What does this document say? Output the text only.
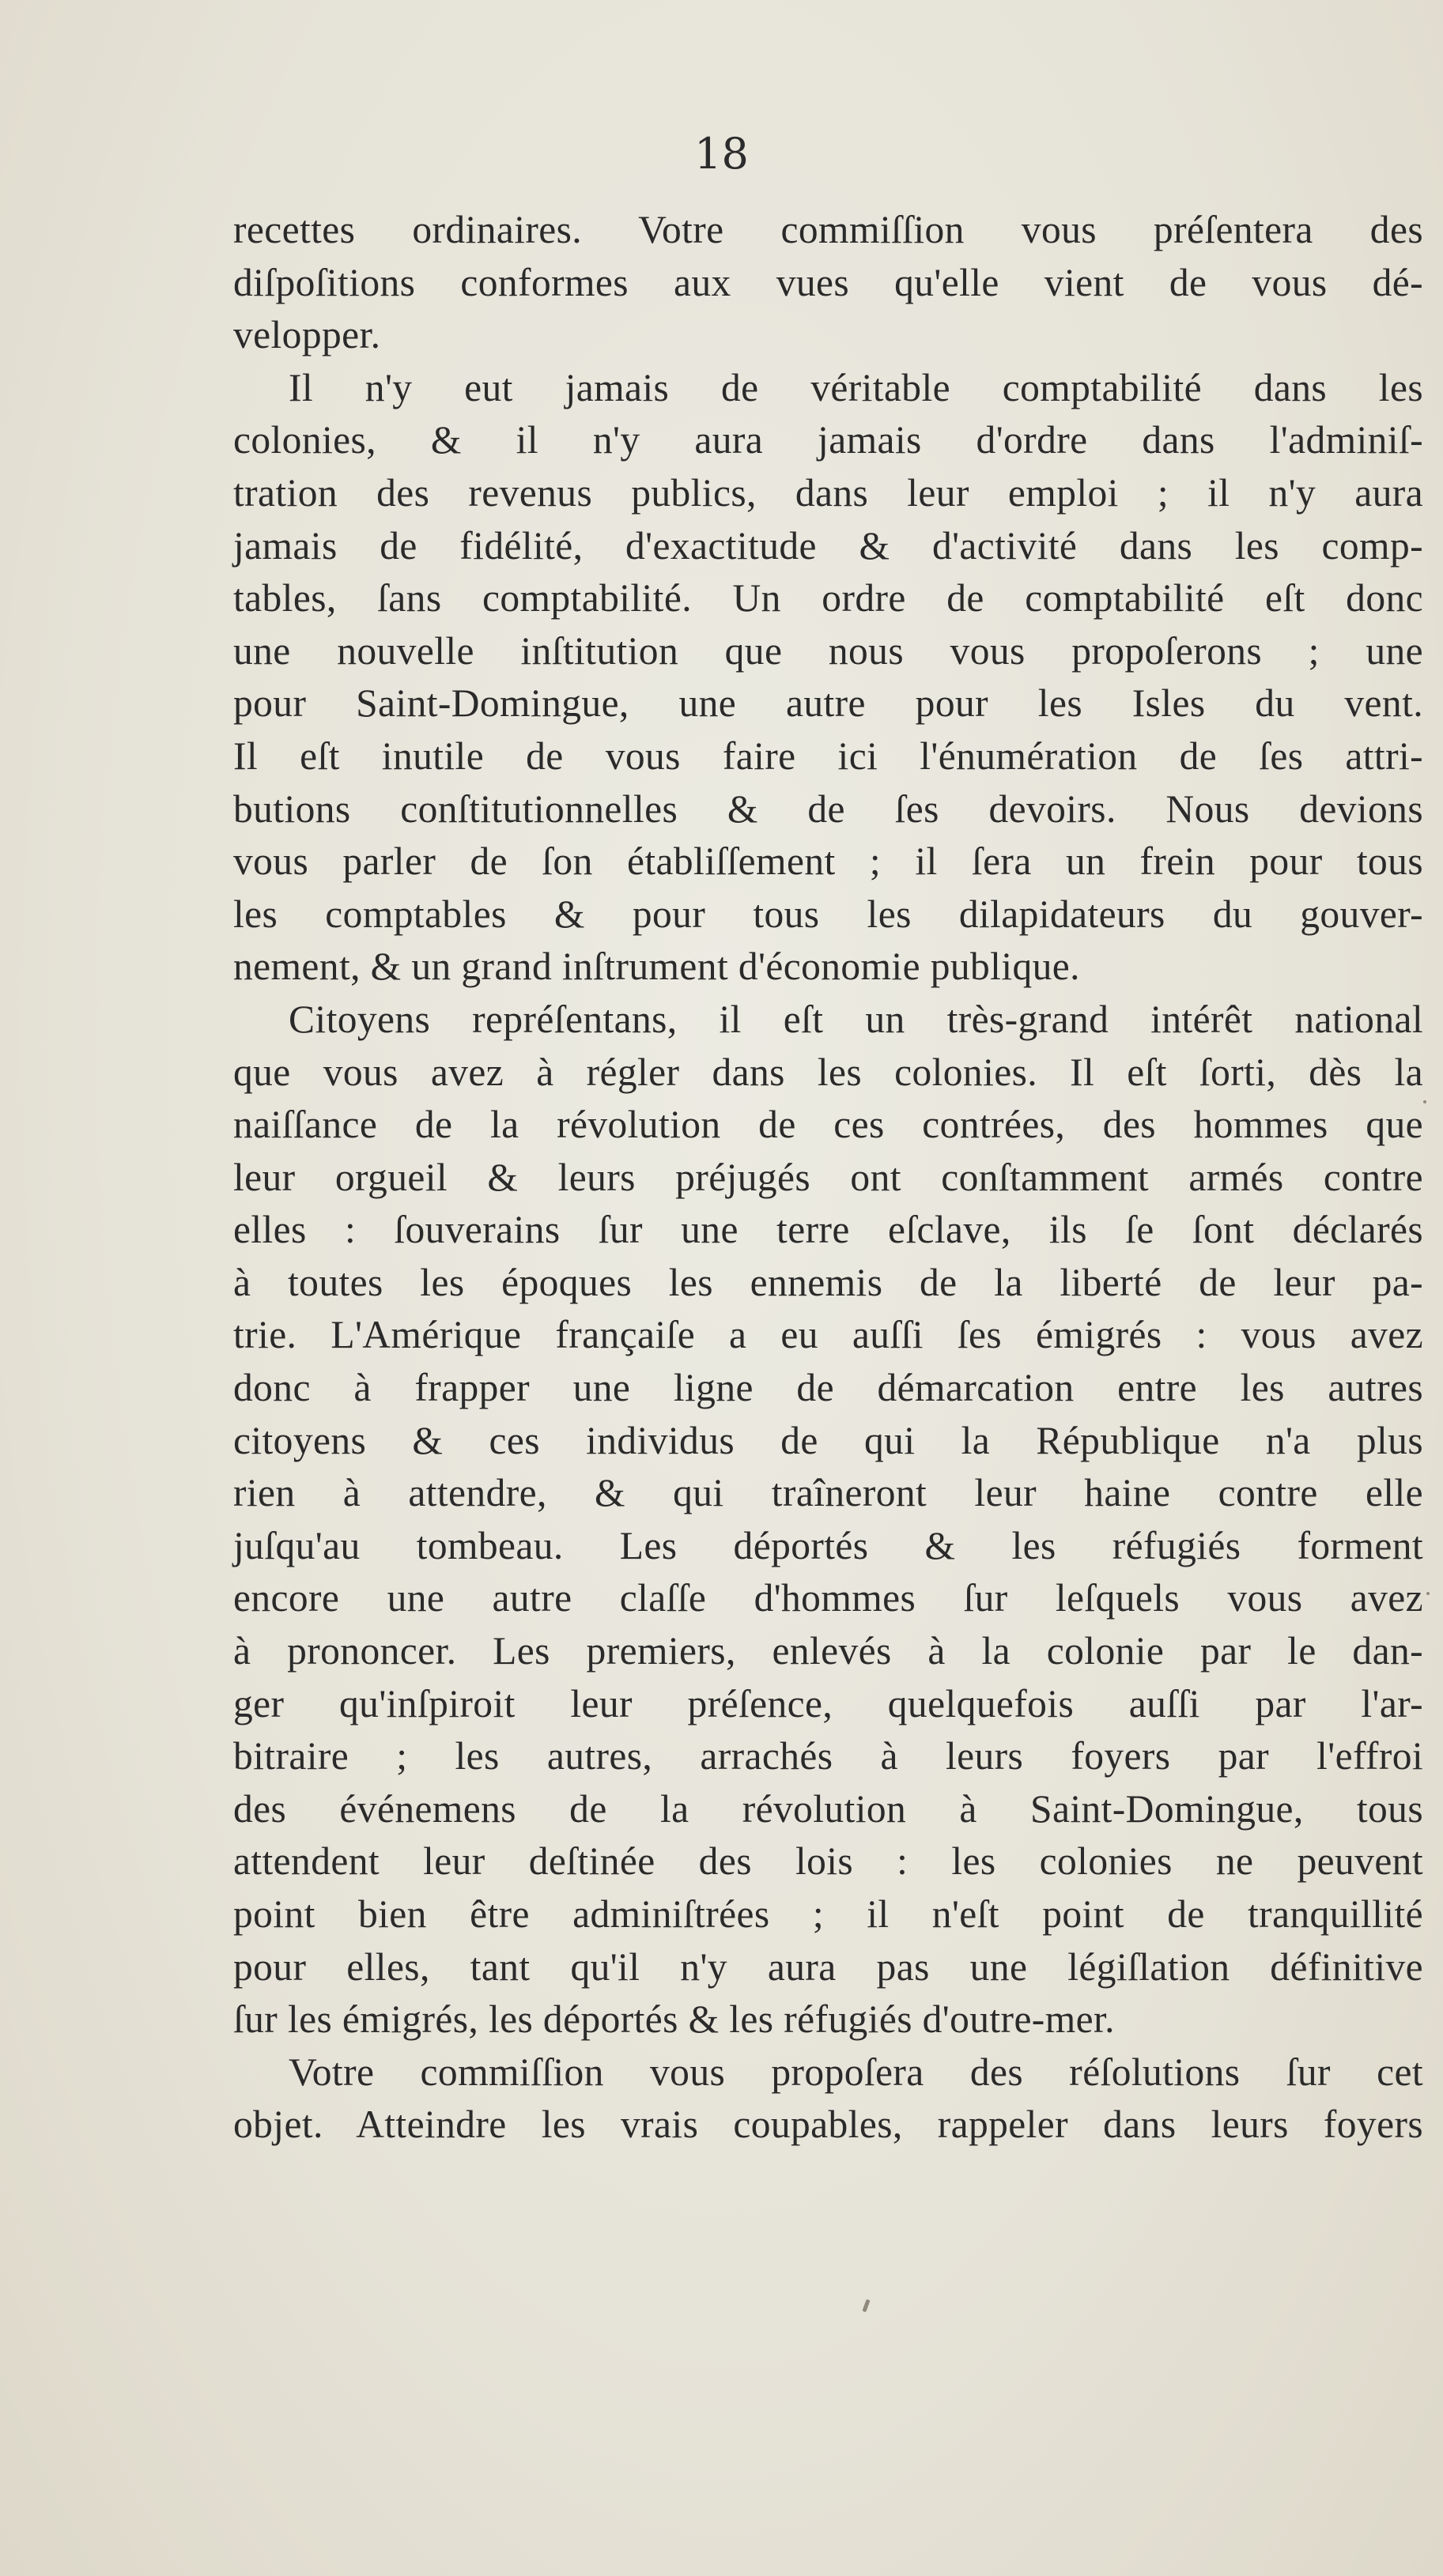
18
recettes ordinaires. Votre commiſſion vous préſentera des
diſpoſitions conformes aux vues qu'elle vient de vous dé-
velopper.
Il n'y eut jamais de véritable comptabilité dans les
colonies, & il n'y aura jamais d'ordre dans l'adminiſ-
tration des revenus publics, dans leur emploi ; il n'y aura
jamais de fidélité, d'exactitude & d'activité dans les comp-
tables, ſans comptabilité. Un ordre de comptabilité eſt donc
une nouvelle inſtitution que nous vous propoſerons ; une
pour Saint-Domingue, une autre pour les Isles du vent.
Il eſt inutile de vous faire ici l'énumération de ſes attri-
butions conſtitutionnelles & de ſes devoirs. Nous devions
vous parler de ſon établiſſement ; il ſera un frein pour tous
les comptables & pour tous les dilapidateurs du gouver-
nement, & un grand inſtrument d'économie publique.
Citoyens repréſentans, il eſt un très-grand intérêt national
que vous avez à régler dans les colonies. Il eſt ſorti, dès la
naiſſance de la révolution de ces contrées, des hommes que
leur orgueil & leurs préjugés ont conſtamment armés contre
elles : ſouverains ſur une terre eſclave, ils ſe ſont déclarés
à toutes les époques les ennemis de la liberté de leur pa-
trie. L'Amérique françaiſe a eu auſſi ſes émigrés : vous avez
donc à frapper une ligne de démarcation entre les autres
citoyens & ces individus de qui la République n'a plus
rien à attendre, & qui traîneront leur haine contre elle
juſqu'au tombeau. Les déportés & les réfugiés forment
encore une autre claſſe d'hommes ſur leſquels vous avez
à prononcer. Les premiers, enlevés à la colonie par le dan-
ger qu'inſpiroit leur préſence, quelquefois auſſi par l'ar-
bitraire ; les autres, arrachés à leurs foyers par l'effroi
des événemens de la révolution à Saint-Domingue, tous
attendent leur deſtinée des lois : les colonies ne peuvent
point bien être adminiſtrées ; il n'eſt point de tranquillité
pour elles, tant qu'il n'y aura pas une légiſlation définitive
ſur les émigrés, les déportés & les réfugiés d'outre-mer.
Votre commiſſion vous propoſera des réſolutions ſur cet
objet. Atteindre les vrais coupables, rappeler dans leurs foyers
